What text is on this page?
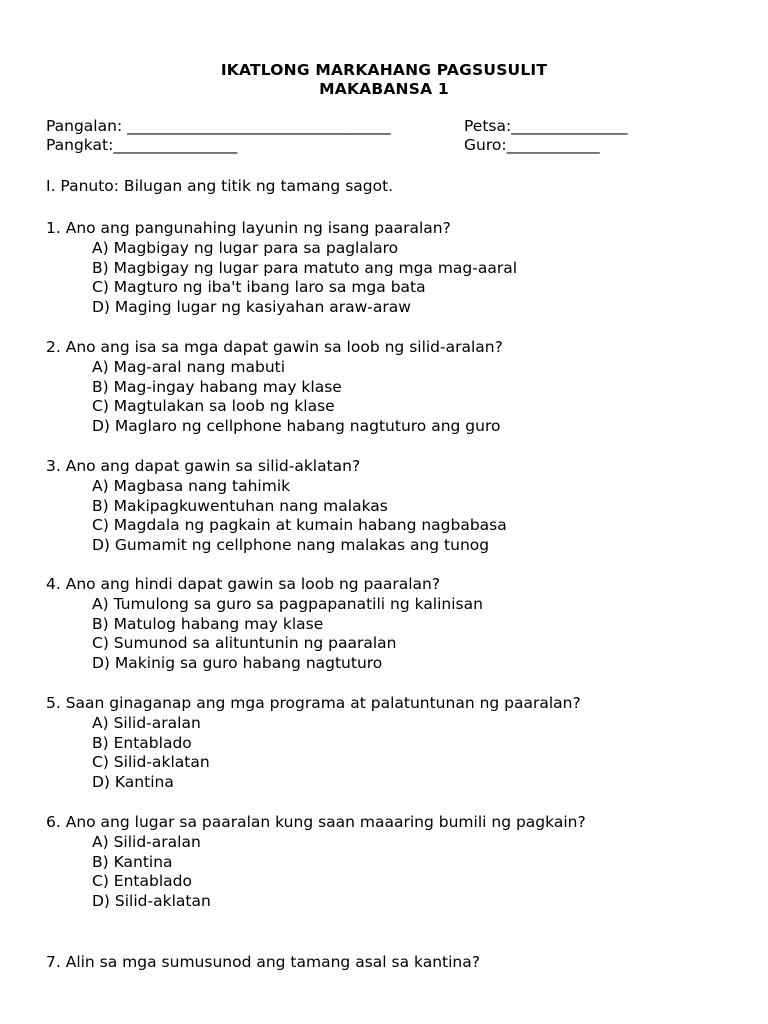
IKATLONG MARKAHANG PAGSUSULIT
MAKABANSA 1
Pangalan: __________________________________	Petsa:_______________
Pangkat:________________	Guro:____________
I. Panuto: Bilugan ang titik ng tamang sagot.
1. Ano ang pangunahing layunin ng isang paaralan?
A) Magbigay ng lugar para sa paglalaro
B) Magbigay ng lugar para matuto ang mga mag-aaral
C) Magturo ng iba't ibang laro sa mga bata
D) Maging lugar ng kasiyahan araw-araw
2. Ano ang isa sa mga dapat gawin sa loob ng silid-aralan?
A) Mag-aral nang mabuti
B) Mag-ingay habang may klase
C) Magtulakan sa loob ng klase
D) Maglaro ng cellphone habang nagtuturo ang guro
3. Ano ang dapat gawin sa silid-aklatan?
A) Magbasa nang tahimik
B) Makipagkuwentuhan nang malakas
C) Magdala ng pagkain at kumain habang nagbabasa
D) Gumamit ng cellphone nang malakas ang tunog
4. Ano ang hindi dapat gawin sa loob ng paaralan?
A) Tumulong sa guro sa pagpapanatili ng kalinisan
B) Matulog habang may klase
C) Sumunod sa alituntunin ng paaralan
D) Makinig sa guro habang nagtuturo
5. Saan ginaganap ang mga programa at palatuntunan ng paaralan?
A) Silid-aralan
B) Entablado
C) Silid-aklatan
D) Kantina
6. Ano ang lugar sa paaralan kung saan maaaring bumili ng pagkain?
A) Silid-aralan
B) Kantina
C) Entablado
D) Silid-aklatan
7. Alin sa mga sumusunod ang tamang asal sa kantina?
